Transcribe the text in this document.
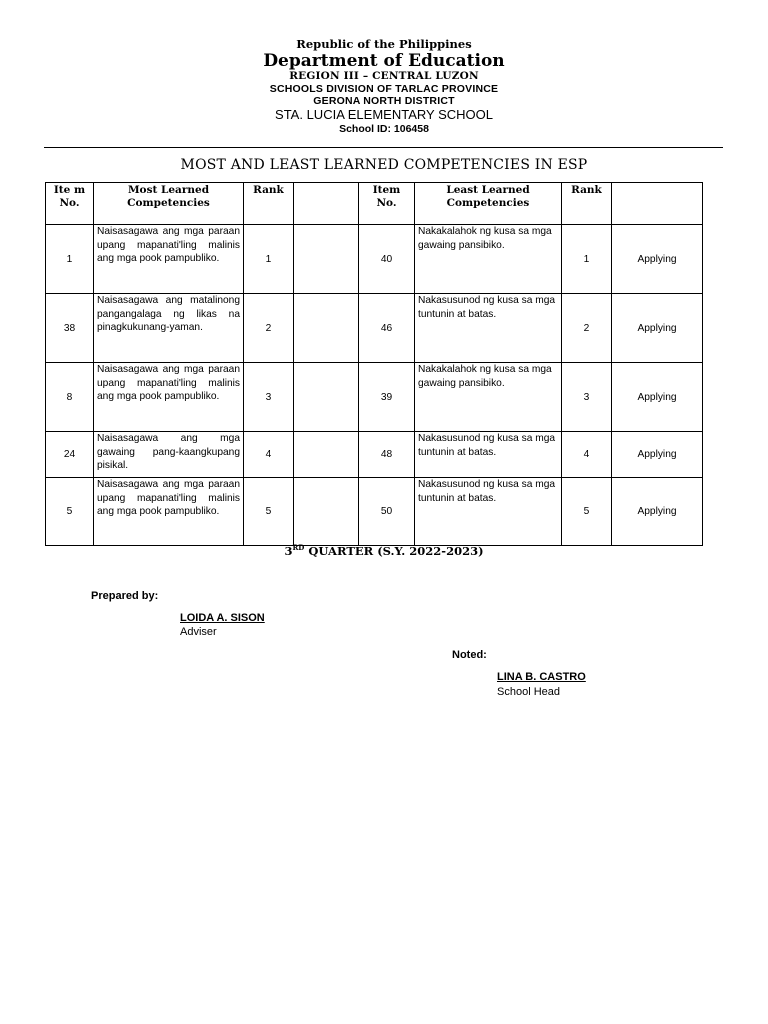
Republic of the Philippines
Department of Education
REGION III – CENTRAL LUZON
SCHOOLS DIVISION OF TARLAC PROVINCE
GERONA NORTH DISTRICT
STA. LUCIA ELEMENTARY SCHOOL
School ID: 106458
MOST AND LEAST LEARNED COMPETENCIES IN ESP
Ite m No.	Most Learned Competencies	Rank		Item No.	Least Learned Competencies	Rank	
1	Naisasagawa ang mga paraan upang mapanati'ling malinis ang mga pook pampubliko.	1		40	Nakakalahok ng kusa sa mga gawaing pansibiko.	1	Applying
38	Naisasagawa ang matalinong pangangalaga ng likas na pinagkukunang-yaman.	2		46	Nakasusunod ng kusa sa mga tuntunin at batas.	2	Applying
8	Naisasagawa ang mga paraan upang mapanati'ling malinis ang mga pook pampubliko.	3		39	Nakakalahok ng kusa sa mga gawaing pansibiko.	3	Applying
24	Naisasagawa ang mga gawaing pang-kaangkupang pisikal.	4		48	Nakasusunod ng kusa sa mga tuntunin at batas.	4	Applying
5	Naisasagawa ang mga paraan upang mapanati'ling malinis ang mga pook pampubliko.	5		50	Nakasusunod ng kusa sa mga tuntunin at batas.	5	Applying
3RD QUARTER (S.Y. 2022-2023)
Prepared by:
LOIDA A. SISON
Adviser
Noted:
LINA B. CASTRO
School Head
